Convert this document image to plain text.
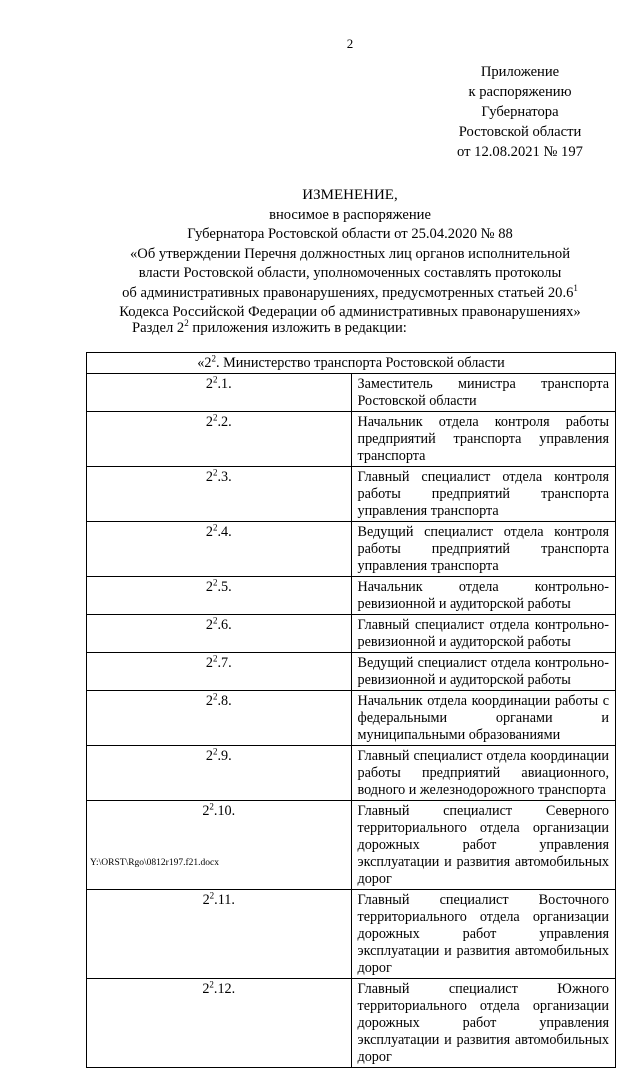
2
Приложение
к распоряжению
Губернатора
Ростовской области
от 12.08.2021 № 197
ИЗМЕНЕНИЕ,
вносимое в распоряжение
Губернатора Ростовской области от 25.04.2020 № 88
«Об утверждении Перечня должностных лиц органов исполнительной
власти Ростовской области, уполномоченных составлять протоколы
об административных правонарушениях, предусмотренных статьей 20.6$^1$
Кодекса Российской Федерации об административных правонарушениях»
Раздел $2^2$ приложения изложить в редакции:
«$2^2$. Министерство транспорта Ростовской области	
$2^2.1$.	Заместитель министра транспорта Ростовской области
$2^2.2$.	Начальник отдела контроля работы предприятий транспорта управления транспорта
$2^2.3$.	Главный специалист отдела контроля работы предприятий транспорта управления транспорта
$2^2.4$.	Ведущий специалист отдела контроля работы предприятий транспорта управления транспорта
$2^2.5$.	Начальник отдела контрольно-ревизионной и аудиторской работы
$2^2.6$.	Главный специалист отдела контрольно-ревизионной и аудиторской работы
$2^2.7$.	Ведущий специалист отдела контрольно-ревизионной и аудиторской работы
$2^2.8$.	Начальник отдела координации работы с федеральными органами и муниципальными образованиями
$2^2.9$.	Главный специалист отдела координации работы предприятий авиационного, водного и железнодорожного транспорта
$2^2.10$.	Главный специалист Северного территориального отдела организации дорожных работ управления эксплуатации и развития автомобильных дорог
$2^2.11$.	Главный специалист Восточного территориального отдела организации дорожных работ управления эксплуатации и развития автомобильных дорог
$2^2.12$.	Главный специалист Южного территориального отдела организации дорожных работ управления эксплуатации и развития автомобильных дорог
Y:\ORST\Rgo\0812r197.f21.docx
